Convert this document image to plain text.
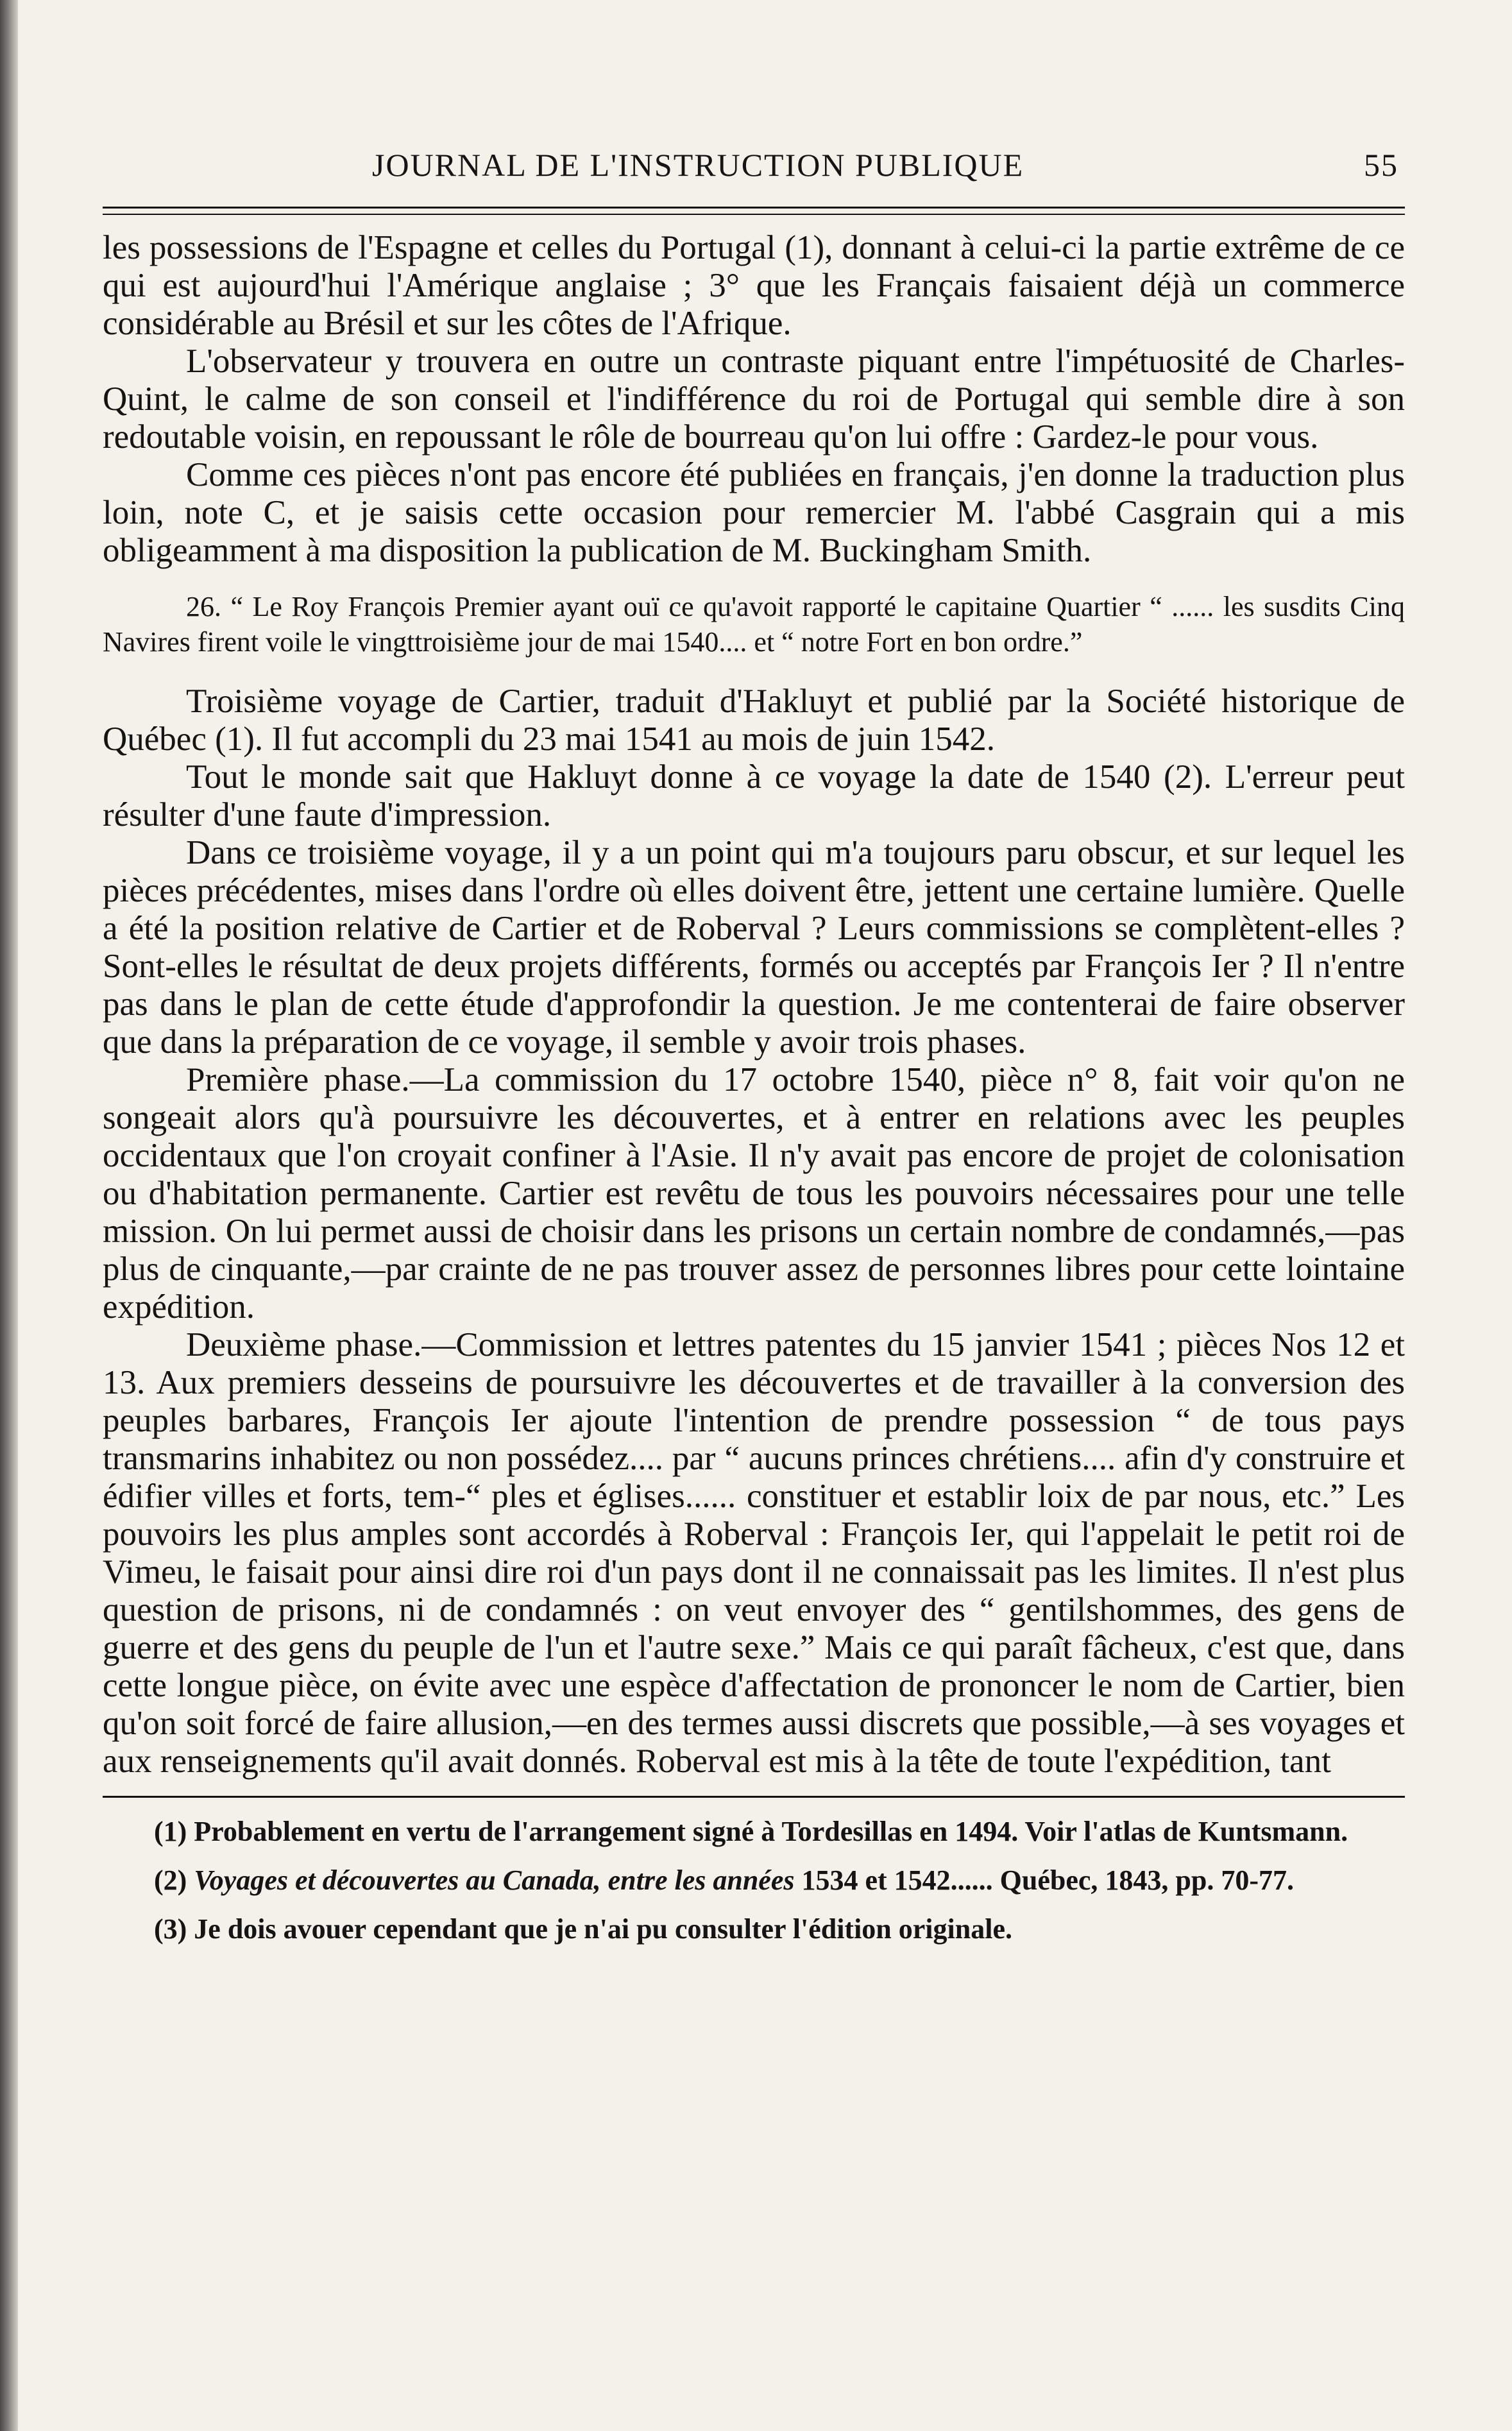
JOURNAL DE L'INSTRUCTION PUBLIQUE	55

les possessions de l'Espagne et celles du Portugal (1), donnant à celui-ci la partie extrême de ce qui est aujourd'hui l'Amérique anglaise ; 3° que les Français faisaient déjà un commerce considérable au Brésil et sur les côtes de l'Afrique.

L'observateur y trouvera en outre un contraste piquant entre l'impétuosité de Charles-Quint, le calme de son conseil et l'indifférence du roi de Portugal qui semble dire à son redoutable voisin, en repoussant le rôle de bourreau qu'on lui offre : Gardez-le pour vous.

Comme ces pièces n'ont pas encore été publiées en français, j'en donne la traduction plus loin, note C, et je saisis cette occasion pour remercier M. l'abbé Casgrain qui a mis obligeamment à ma disposition la publication de M. Buckingham Smith.

26. “ Le Roy François Premier ayant ouï ce qu'avoit rapporté le capitaine Quartier “ ...... les susdits Cinq Navires firent voile le vingttroisième jour de mai 1540.... et “ notre Fort en bon ordre.”

Troisième voyage de Cartier, traduit d'Hakluyt et publié par la Société historique de Québec (1). Il fut accompli du 23 mai 1541 au mois de juin 1542.

Tout le monde sait que Hakluyt donne à ce voyage la date de 1540 (2). L'erreur peut résulter d'une faute d'impression.

Dans ce troisième voyage, il y a un point qui m'a toujours paru obscur, et sur lequel les pièces précédentes, mises dans l'ordre où elles doivent être, jettent une certaine lumière. Quelle a été la position relative de Cartier et de Roberval ? Leurs commissions se complètent-elles ? Sont-elles le résultat de deux projets différents, formés ou acceptés par François Ier ? Il n'entre pas dans le plan de cette étude d'approfondir la question. Je me contenterai de faire observer que dans la préparation de ce voyage, il semble y avoir trois phases.

Première phase.—La commission du 17 octobre 1540, pièce n° 8, fait voir qu'on ne songeait alors qu'à poursuivre les découvertes, et à entrer en relations avec les peuples occidentaux que l'on croyait confiner à l'Asie. Il n'y avait pas encore de projet de colonisation ou d'habitation permanente. Cartier est revêtu de tous les pouvoirs nécessaires pour une telle mission. On lui permet aussi de choisir dans les prisons un certain nombre de condamnés,—pas plus de cinquante,—par crainte de ne pas trouver assez de personnes libres pour cette lointaine expédition.

Deuxième phase.—Commission et lettres patentes du 15 janvier 1541 ; pièces Nos 12 et 13. Aux premiers desseins de poursuivre les découvertes et de travailler à la conversion des peuples barbares, François Ier ajoute l'intention de prendre possession “ de tous pays transmarins inhabitez ou non possédez.... par “ aucuns princes chrétiens.... afin d'y construire et édifier villes et forts, tem-“ ples et églises...... constituer et establir loix de par nous, etc.” Les pouvoirs les plus amples sont accordés à Roberval : François Ier, qui l'appelait le petit roi de Vimeu, le faisait pour ainsi dire roi d'un pays dont il ne connaissait pas les limites. Il n'est plus question de prisons, ni de condamnés : on veut envoyer des “ gentilshommes, des gens de guerre et des gens du peuple de l'un et l'autre sexe.” Mais ce qui paraît fâcheux, c'est que, dans cette longue pièce, on évite avec une espèce d'affectation de prononcer le nom de Cartier, bien qu'on soit forcé de faire allusion,—en des termes aussi discrets que possible,—à ses voyages et aux renseignements qu'il avait donnés. Roberval est mis à la tête de toute l'expédition, tant

(1) Probablement en vertu de l'arrangement signé à Tordesillas en 1494. Voir l'atlas de Kuntsmann.

(2) Voyages et découvertes au Canada, entre les années 1534 et 1542...... Québec, 1843, pp. 70-77.

(3) Je dois avouer cependant que je n'ai pu consulter l'édition originale.
